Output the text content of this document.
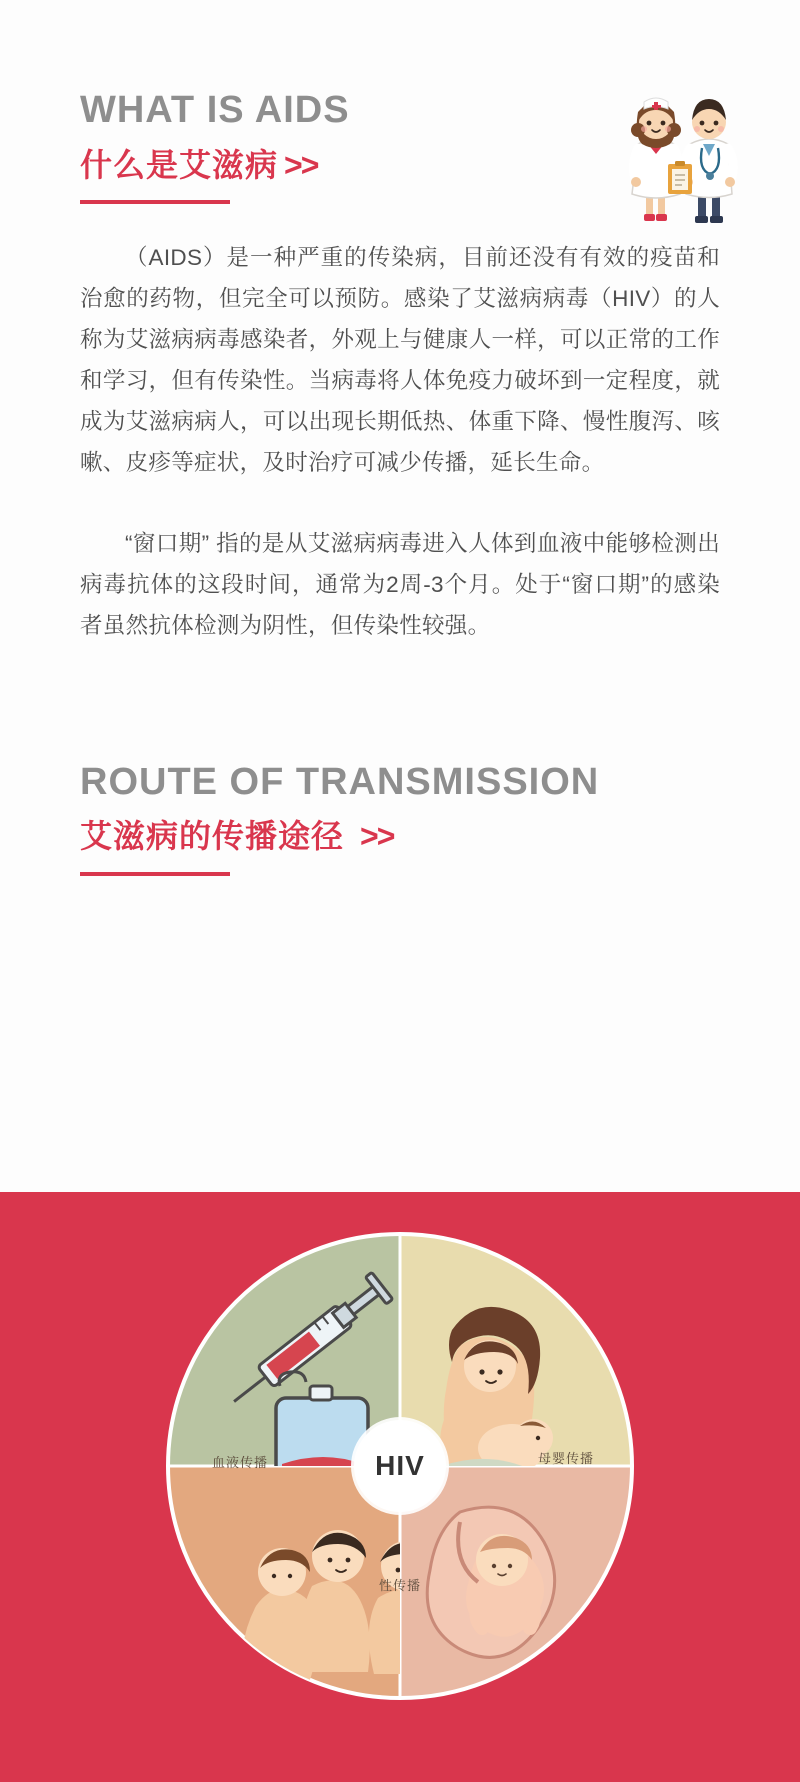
WHAT IS AIDS
什么是艾滋病 >>

（AIDS）是一种严重的传染病，目前还没有有效的疫苗和治愈的药物，但完全可以预防。感染了艾滋病病毒（HIV）的人称为艾滋病病毒感染者，外观上与健康人一样，可以正常的工作和学习，但有传染性。当病毒将人体免疫力破坏到一定程度，就成为艾滋病病人，可以出现长期低热、体重下降、慢性腹泻、咳嗽、皮疹等症状，及时治疗可减少传播，延长生命。

“窗口期” 指的是从艾滋病病毒进入人体到血液中能够检测出病毒抗体的这段时间，通常为2周-3个月。处于“窗口期”的感染者虽然抗体检测为阴性，但传染性较强。

ROUTE OF TRANSMISSION
艾滋病的传播途径 >>
血液传播	母婴传播
性传播
HIV
